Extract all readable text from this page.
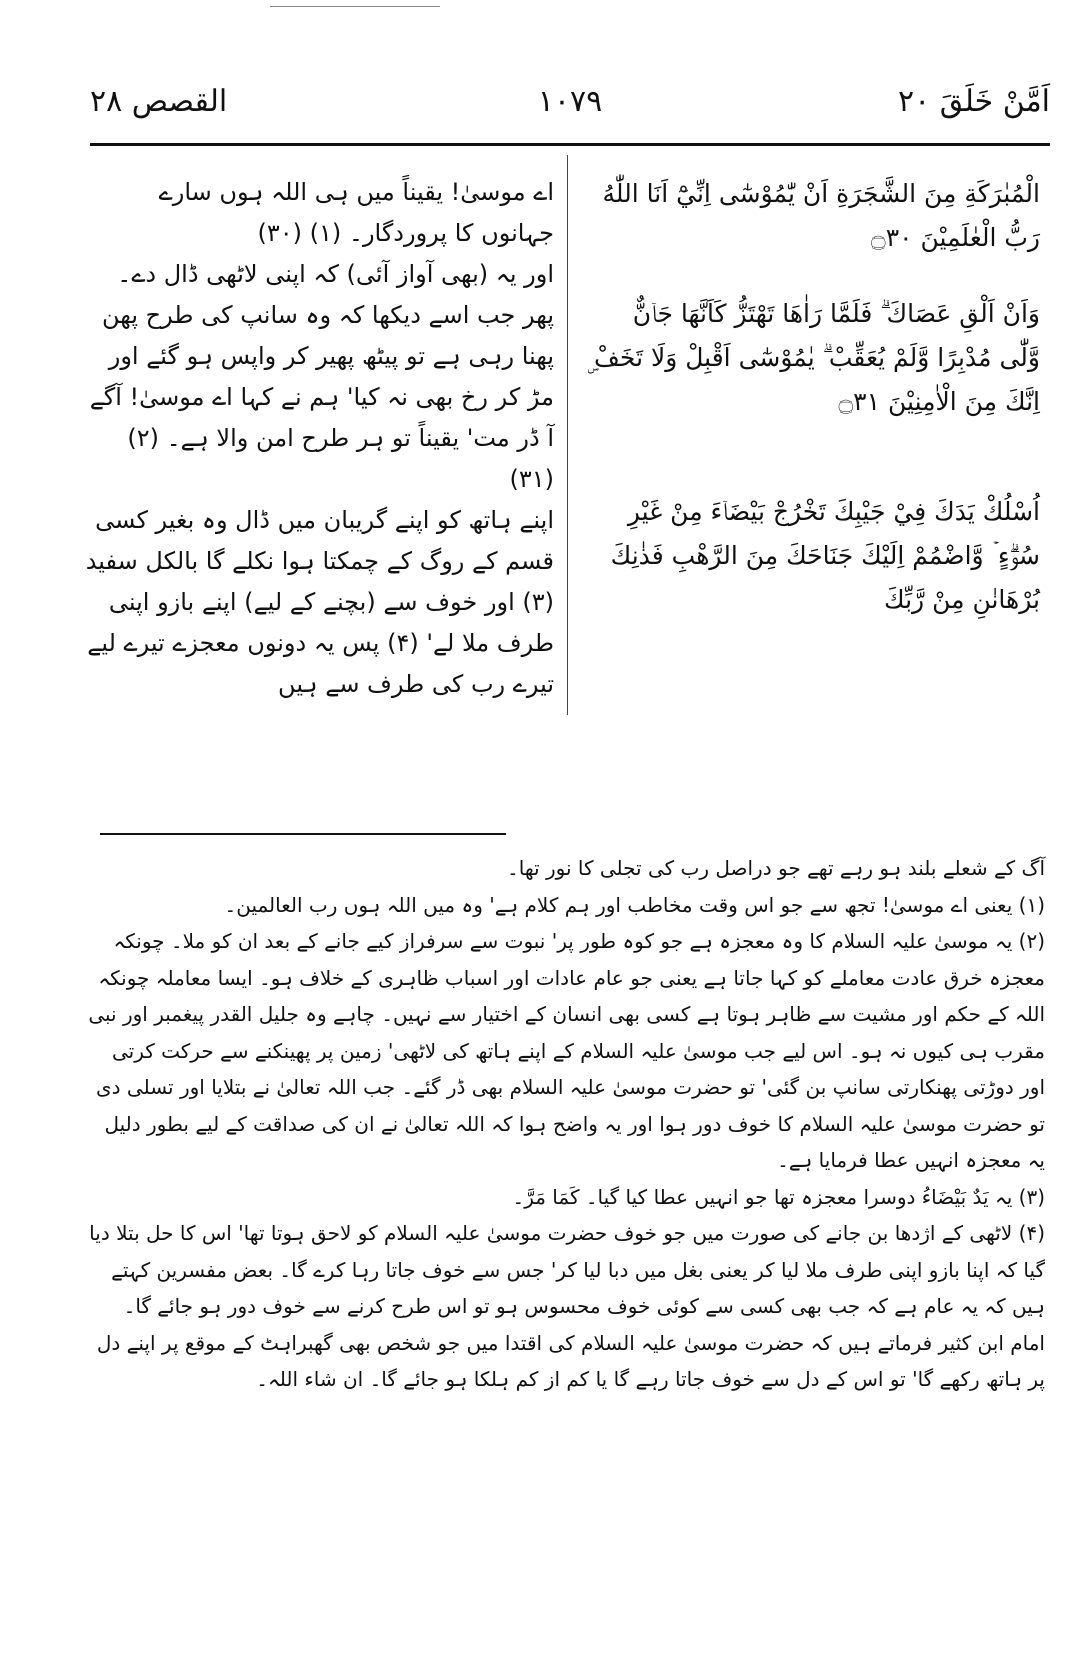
اَمَّنْ خَلَقَ ٢٠
١٠٧٩
القصص ٢٨
الْمُبٰرَكَةِ مِنَ الشَّجَرَةِ اَنْ يّٰمُوْسٰٓى اِنِّيْٓ اَنَا اللّٰهُ رَبُّ الْعٰلَمِيْنَ ۝٣٠
وَاَنْ اَلْقِ عَصَاكَ ۗ فَلَمَّا رَاٰهَا تَهْتَزُّ كَاَنَّهَا جَاۤنٌّ وَّلّٰى مُدْبِرًا وَّلَمْ يُعَقِّبْ ۗ يٰمُوْسٰٓى اَقْبِلْ وَلَا تَخَفْ ۣ اِنَّكَ مِنَ الْاٰمِنِيْنَ ۝٣١
اُسْلُكْ يَدَكَ فِيْ جَيْبِكَ تَخْرُجْ بَيْضَاۤءَ مِنْ غَيْرِ سُوْۗءٍ ۡ وَّاضْمُمْ اِلَيْكَ جَنَاحَكَ مِنَ الرَّهْبِ فَذٰنِكَ بُرْهَانٰنِ مِنْ رَّبِّكَ
اے موسیٰ! یقیناً میں ہی اللہ ہوں سارے جہانوں کا پروردگار۔ (۱) (۳۰)
اور یہ (بھی آواز آئی) کہ اپنی لاٹھی ڈال دے۔ پھر جب اسے دیکھا کہ وہ سانپ کی طرح پھن پھنا رہی ہے تو پیٹھ پھیر کر واپس ہو گئے اور مڑ کر رخ بھی نہ کیا' ہم نے کہا اے موسیٰ! آگے آ ڈر مت' یقیناً تو ہر طرح امن والا ہے۔ (۲) (۳۱)
اپنے ہاتھ کو اپنے گریبان میں ڈال وہ بغیر کسی قسم کے روگ کے چمکتا ہوا نکلے گا بالکل سفید (۳) اور خوف سے (بچنے کے لیے) اپنے بازو اپنی طرف ملا لے' (۴) پس یہ دونوں معجزے تیرے لیے تیرے رب کی طرف سے ہیں

آگ کے شعلے بلند ہو رہے تھے جو دراصل رب کی تجلی کا نور تھا۔

(۱) یعنی اے موسیٰ! تجھ سے جو اس وقت مخاطب اور ہم کلام ہے' وہ میں اللہ ہوں رب العالمین۔

(۲) یہ موسیٰ علیہ السلام کا وہ معجزہ ہے جو کوہ طور پر' نبوت سے سرفراز کیے جانے کے بعد ان کو ملا۔ چونکہ معجزہ خرق عادت معاملے کو کہا جاتا ہے یعنی جو عام عادات اور اسباب ظاہری کے خلاف ہو۔ ایسا معاملہ چونکہ اللہ کے حکم اور مشیت سے ظاہر ہوتا ہے کسی بھی انسان کے اختیار سے نہیں۔ چاہے وہ جلیل القدر پیغمبر اور نبی مقرب ہی کیوں نہ ہو۔ اس لیے جب موسیٰ علیہ السلام کے اپنے ہاتھ کی لاٹھی' زمین پر پھینکنے سے حرکت کرتی اور دوڑتی پھنکارتی سانپ بن گئی' تو حضرت موسیٰ علیہ السلام بھی ڈر گئے۔ جب اللہ تعالیٰ نے بتلایا اور تسلی دی تو حضرت موسیٰ علیہ السلام کا خوف دور ہوا اور یہ واضح ہوا کہ اللہ تعالیٰ نے ان کی صداقت کے لیے بطور دلیل یہ معجزہ انہیں عطا فرمایا ہے۔

(۳) یہ یَدٌ بَیْضَاءُ دوسرا معجزہ تھا جو انہیں عطا کیا گیا۔ کَمَا مَرَّ۔

(۴) لاٹھی کے اژدھا بن جانے کی صورت میں جو خوف حضرت موسیٰ علیہ السلام کو لاحق ہوتا تھا' اس کا حل بتلا دیا گیا کہ اپنا بازو اپنی طرف ملا لیا کر یعنی بغل میں دبا لیا کر' جس سے خوف جاتا رہا کرے گا۔ بعض مفسرین کہتے ہیں کہ یہ عام ہے کہ جب بھی کسی سے کوئی خوف محسوس ہو تو اس طرح کرنے سے خوف دور ہو جائے گا۔ امام ابن کثیر فرماتے ہیں کہ حضرت موسیٰ علیہ السلام کی اقتدا میں جو شخص بھی گھبراہٹ کے موقع پر اپنے دل پر ہاتھ رکھے گا' تو اس کے دل سے خوف جاتا رہے گا یا کم از کم ہلکا ہو جائے گا۔ ان شاء اللہ۔
